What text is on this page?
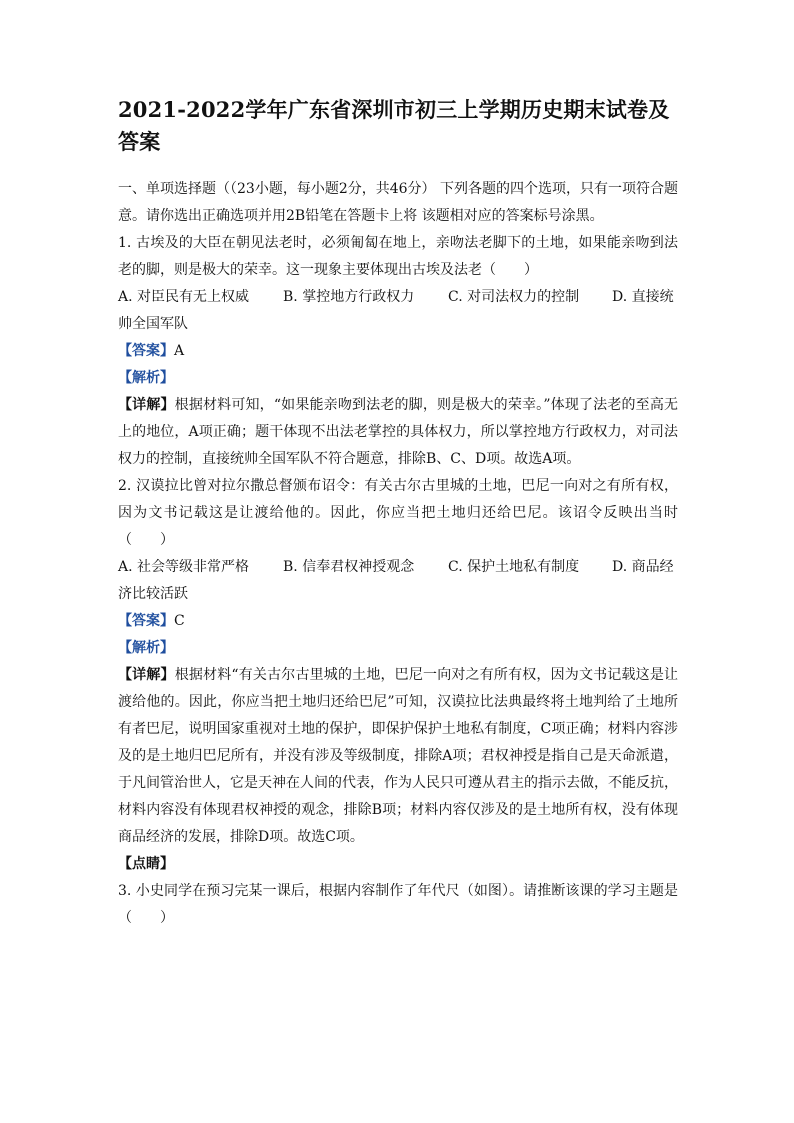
2021-2022学年广东省深圳市初三上学期历史期末试卷及答案

一、单项选择题（（23小题，每小题2分，共46分） 下列各题的四个选项，只有一项符合题意。请你选出正确选项并用2B铅笔在答题卡上将 该题相对应的答案标号涂黑。

1. 古埃及的大臣在朝见法老时，必须匍匐在地上，亲吻法老脚下的土地，如果能亲吻到法老的脚，则是极大的荣幸。这一现象主要体现出古埃及法老（　　）

A. 对臣民有无上权威	B. 掌控地方行政权力	C. 对司法权力的控制	D. 直接统

帅全国军队

【答案】A

【解析】

【详解】根据材料可知，“如果能亲吻到法老的脚，则是极大的荣幸。”体现了法老的至高无上的地位，A项正确；题干体现不出法老掌控的具体权力，所以掌控地方行政权力，对司法权力的控制，直接统帅全国军队不符合题意，排除B、C、D项。故选A项。

2. 汉谟拉比曾对拉尔撒总督颁布诏令：有关古尔古里城的土地，巴尼一向对之有所有权，因为文书记载这是让渡给他的。因此，你应当把土地归还给巴尼。该诏令反映出当时（　　）

A. 社会等级非常严格	B. 信奉君权神授观念	C. 保护土地私有制度	D. 商品经

济比较活跃

【答案】C

【解析】

【详解】根据材料“有关古尔古里城的土地，巴尼一向对之有所有权，因为文书记载这是让渡给他的。因此，你应当把土地归还给巴尼”可知，汉谟拉比法典最终将土地判给了土地所有者巴尼，说明国家重视对土地的保护，即保护保护土地私有制度，C项正确；材料内容涉及的是土地归巴尼所有，并没有涉及等级制度，排除A项；君权神授是指自己是天命派遣，于凡间管治世人，它是天神在人间的代表，作为人民只可遵从君主的指示去做，不能反抗，材料内容没有体现君权神授的观念，排除B项；材料内容仅涉及的是土地所有权，没有体现商品经济的发展，排除D项。故选C项。

【点睛】

3. 小史同学在预习完某一课后，根据内容制作了年代尺（如图）。请推断该课的学习主题是（　　）
